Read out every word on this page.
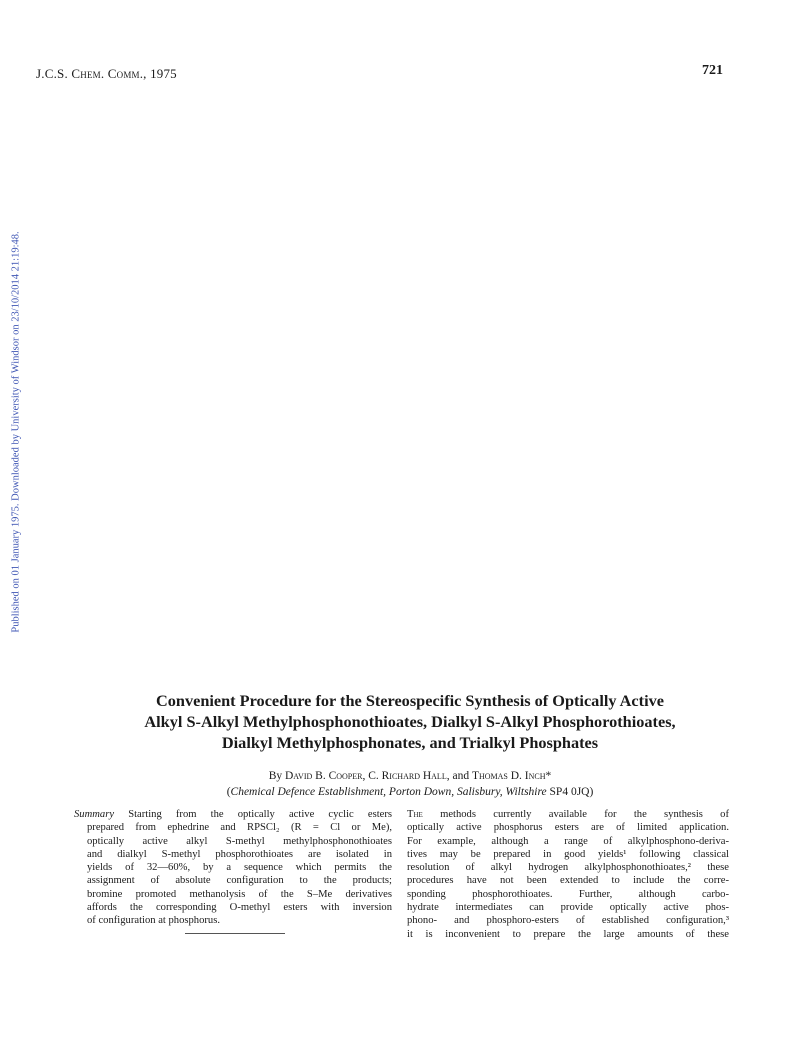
J.C.S. Chem. Comm., 1975	721
Published on 01 January 1975. Downloaded by University of Windsor on 23/10/2014 21:19:48.
Convenient Procedure for the Stereospecific Synthesis of Optically Active
Alkyl S-Alkyl Methylphosphonothioates, Dialkyl S-Alkyl Phosphorothioates,
Dialkyl Methylphosphonates, and Trialkyl Phosphates
By David B. Cooper, C. Richard Hall, and Thomas D. Inch*
(Chemical Defence Establishment, Porton Down, Salisbury, Wiltshire SP4 0JQ)
Summary Starting from the optically active cyclic esters
prepared from ephedrine and RPSCl₂ (R = Cl or Me),
optically active alkyl S-methyl methylphosphonothioates
and dialkyl S-methyl phosphorothioates are isolated in
yields of 32—60%, by a sequence which permits the
assignment of absolute configuration to the products;
bromine promoted methanolysis of the S–Me derivatives
affords the corresponding O-methyl esters with inversion
of configuration at phosphorus.
The methods currently available for the synthesis of
optically active phosphorus esters are of limited application.
For example, although a range of alkylphosphono-deriva-
tives may be prepared in good yields¹ following classical
resolution of alkyl hydrogen alkylphosphonothioates,² these
procedures have not been extended to include the corre-
sponding phosphorothioates. Further, although carbo-
hydrate intermediates can provide optically active phos-
phono- and phosphoro-esters of established configuration,³
it is inconvenient to prepare the large amounts of these
